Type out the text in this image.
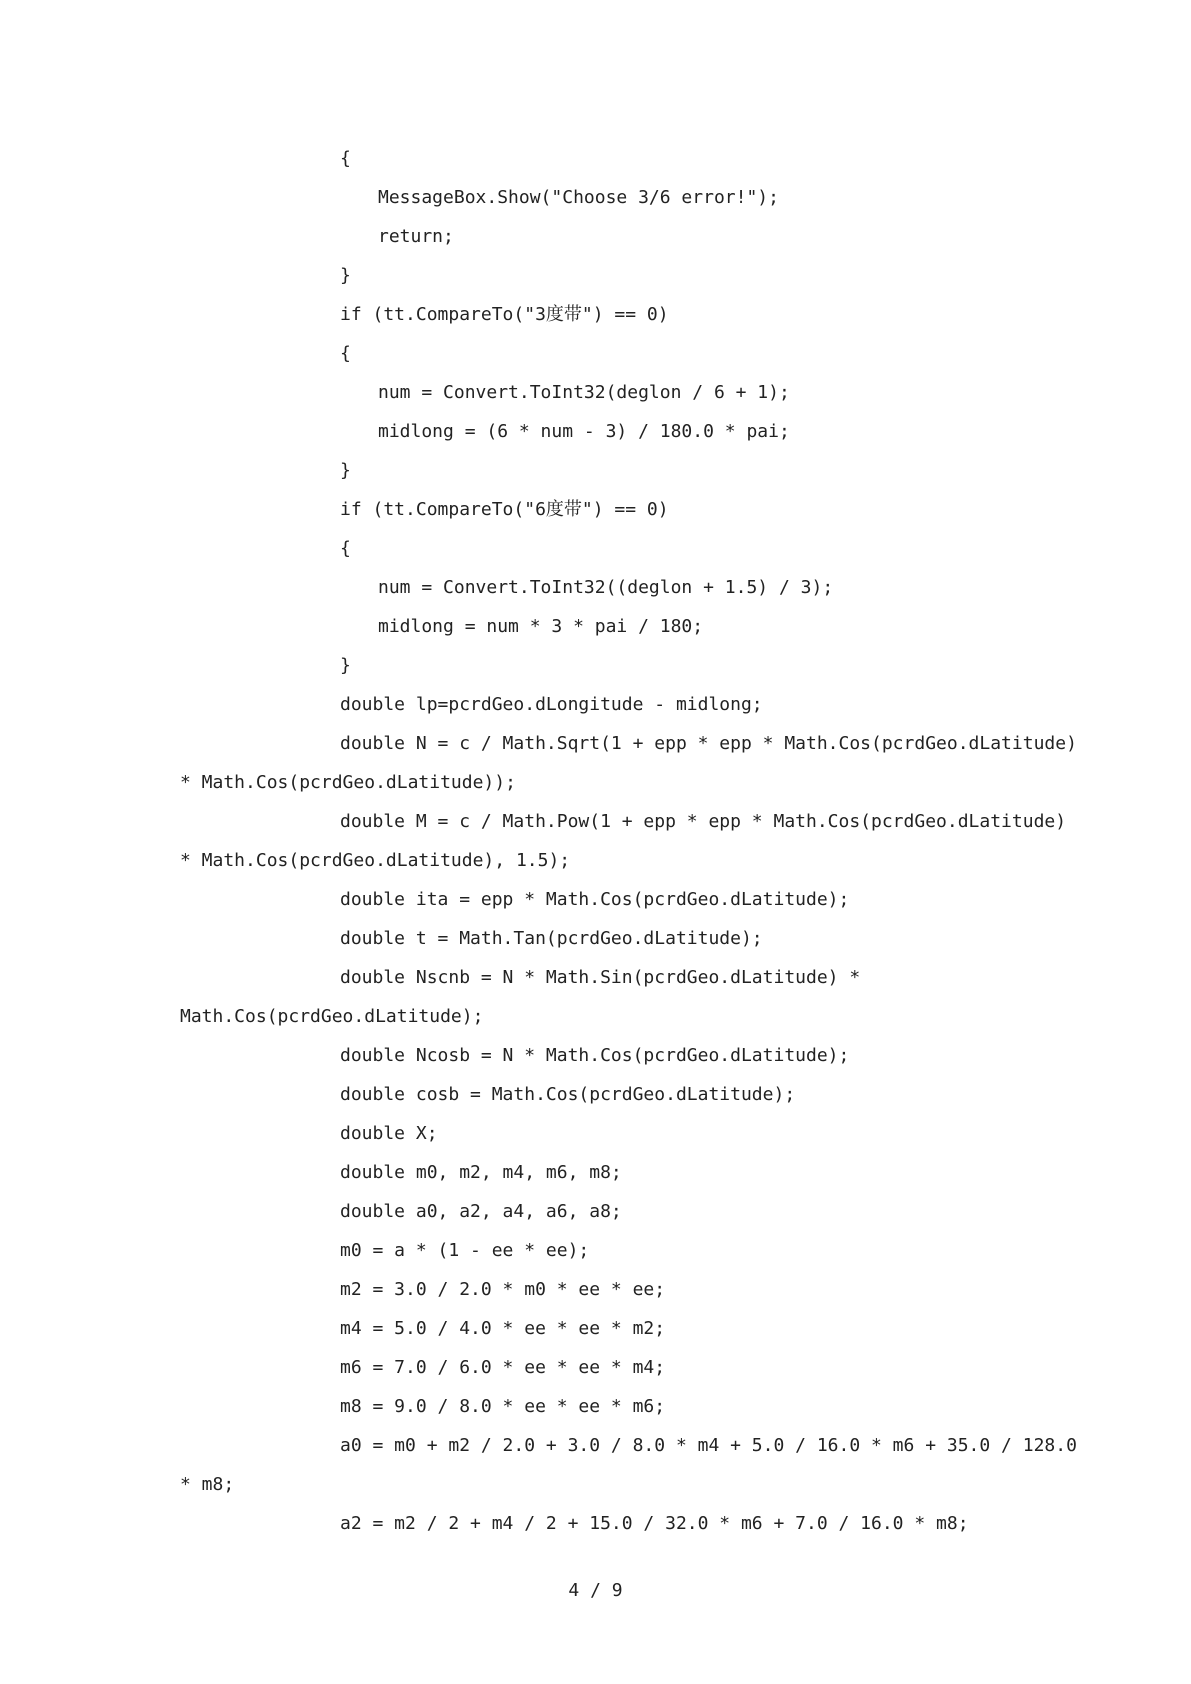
{
MessageBox.Show("Choose 3/6 error!");
return;
}
if (tt.CompareTo("3度带") == 0)
{
num = Convert.ToInt32(deglon / 6 + 1);
midlong = (6 * num - 3) / 180.0 * pai;
}
if (tt.CompareTo("6度带") == 0)
{
num = Convert.ToInt32((deglon + 1.5) / 3);
midlong = num * 3 * pai / 180;
}
double lp=pcrdGeo.dLongitude - midlong;
double N = c / Math.Sqrt(1 + epp * epp * Math.Cos(pcrdGeo.dLatitude)
* Math.Cos(pcrdGeo.dLatitude));
double M = c / Math.Pow(1 + epp * epp * Math.Cos(pcrdGeo.dLatitude)
* Math.Cos(pcrdGeo.dLatitude), 1.5);
double ita = epp * Math.Cos(pcrdGeo.dLatitude);
double t = Math.Tan(pcrdGeo.dLatitude);
double Nscnb = N * Math.Sin(pcrdGeo.dLatitude) *
Math.Cos(pcrdGeo.dLatitude);
double Ncosb = N * Math.Cos(pcrdGeo.dLatitude);
double cosb = Math.Cos(pcrdGeo.dLatitude);
double X;
double m0, m2, m4, m6, m8;
double a0, a2, a4, a6, a8;
m0 = a * (1 - ee * ee);
m2 = 3.0 / 2.0 * m0 * ee * ee;
m4 = 5.0 / 4.0 * ee * ee * m2;
m6 = 7.0 / 6.0 * ee * ee * m4;
m8 = 9.0 / 8.0 * ee * ee * m6;
a0 = m0 + m2 / 2.0 + 3.0 / 8.0 * m4 + 5.0 / 16.0 * m6 + 35.0 / 128.0
* m8;
a2 = m2 / 2 + m4 / 2 + 15.0 / 32.0 * m6 + 7.0 / 16.0 * m8;
4 / 9
